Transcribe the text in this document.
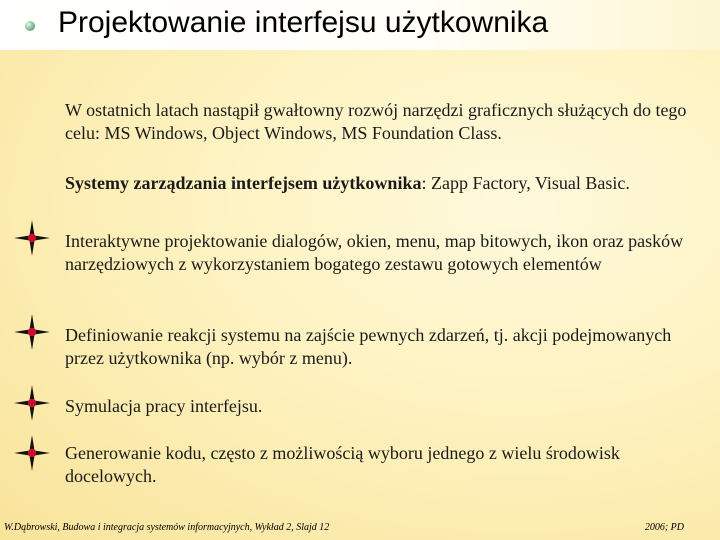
Projektowanie interfejsu użytkownika
W ostatnich latach nastąpił gwałtowny rozwój narzędzi graficznych służących do tego celu: MS Windows, Object Windows, MS Foundation Class.
Systemy zarządzania interfejsem użytkownika: Zapp Factory, Visual Basic.
Interaktywne projektowanie dialogów, okien, menu, map bitowych, ikon oraz pasków narzędziowych z wykorzystaniem bogatego zestawu gotowych elementów
Definiowanie reakcji systemu na zajście pewnych zdarzeń, tj. akcji podejmowanych przez użytkownika (np. wybór z menu).
Symulacja pracy interfejsu.
Generowanie kodu, często z możliwością wyboru jednego z wielu środowisk docelowych.
W.Dąbrowski, Budowa i integracja systemów informacyjnych, Wykład 2, Slajd 12	2006; PD
